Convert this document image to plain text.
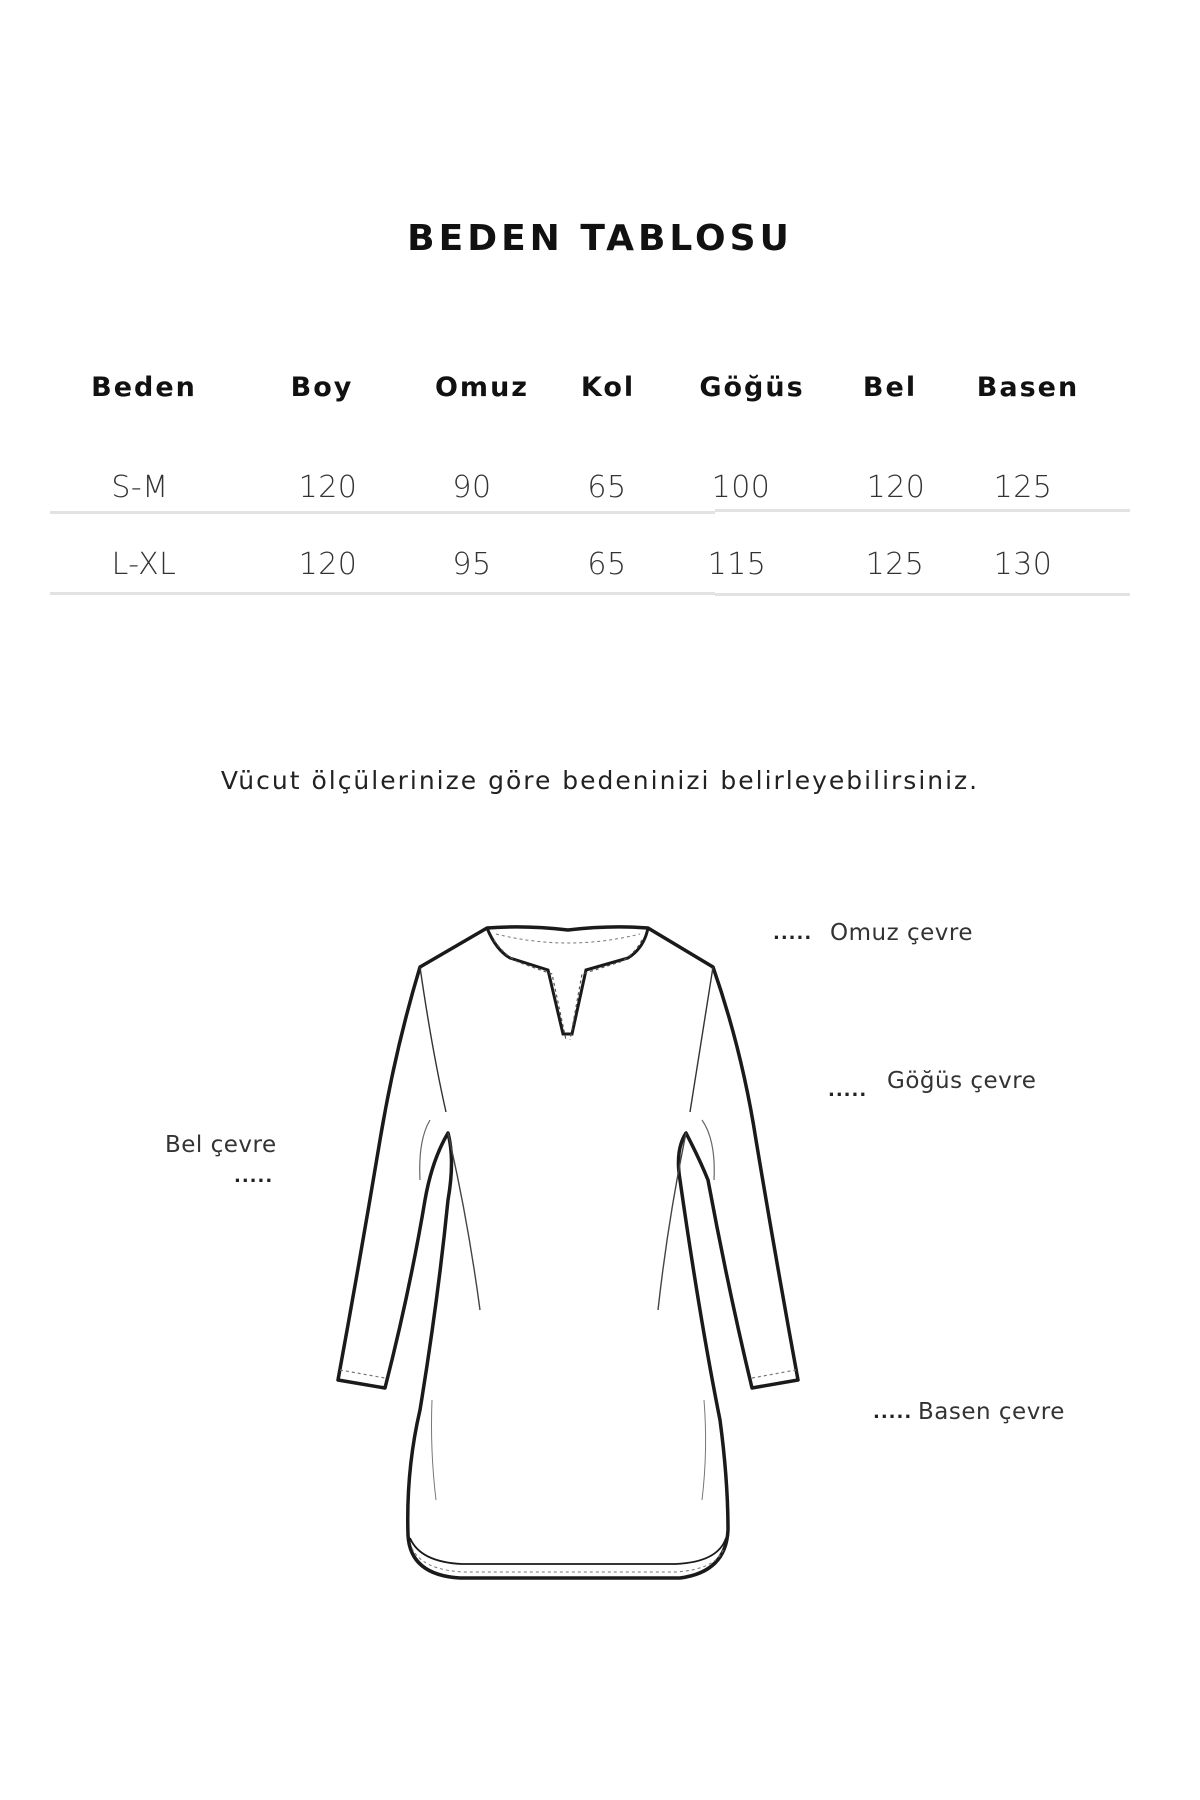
BEDEN TABLOSU
Beden	Boy	Omuz Kol Göğüs Bel Basen
S-M	120	90	65	100	120 125
L-XL	120	95	65	115	125 130
Vücut ölçülerinize göre bedeninizi belirleyebilirsiniz.
..... Omuz çevre
..... Göğüs çevre
Bel çevre
.....
..... Basen çevre
